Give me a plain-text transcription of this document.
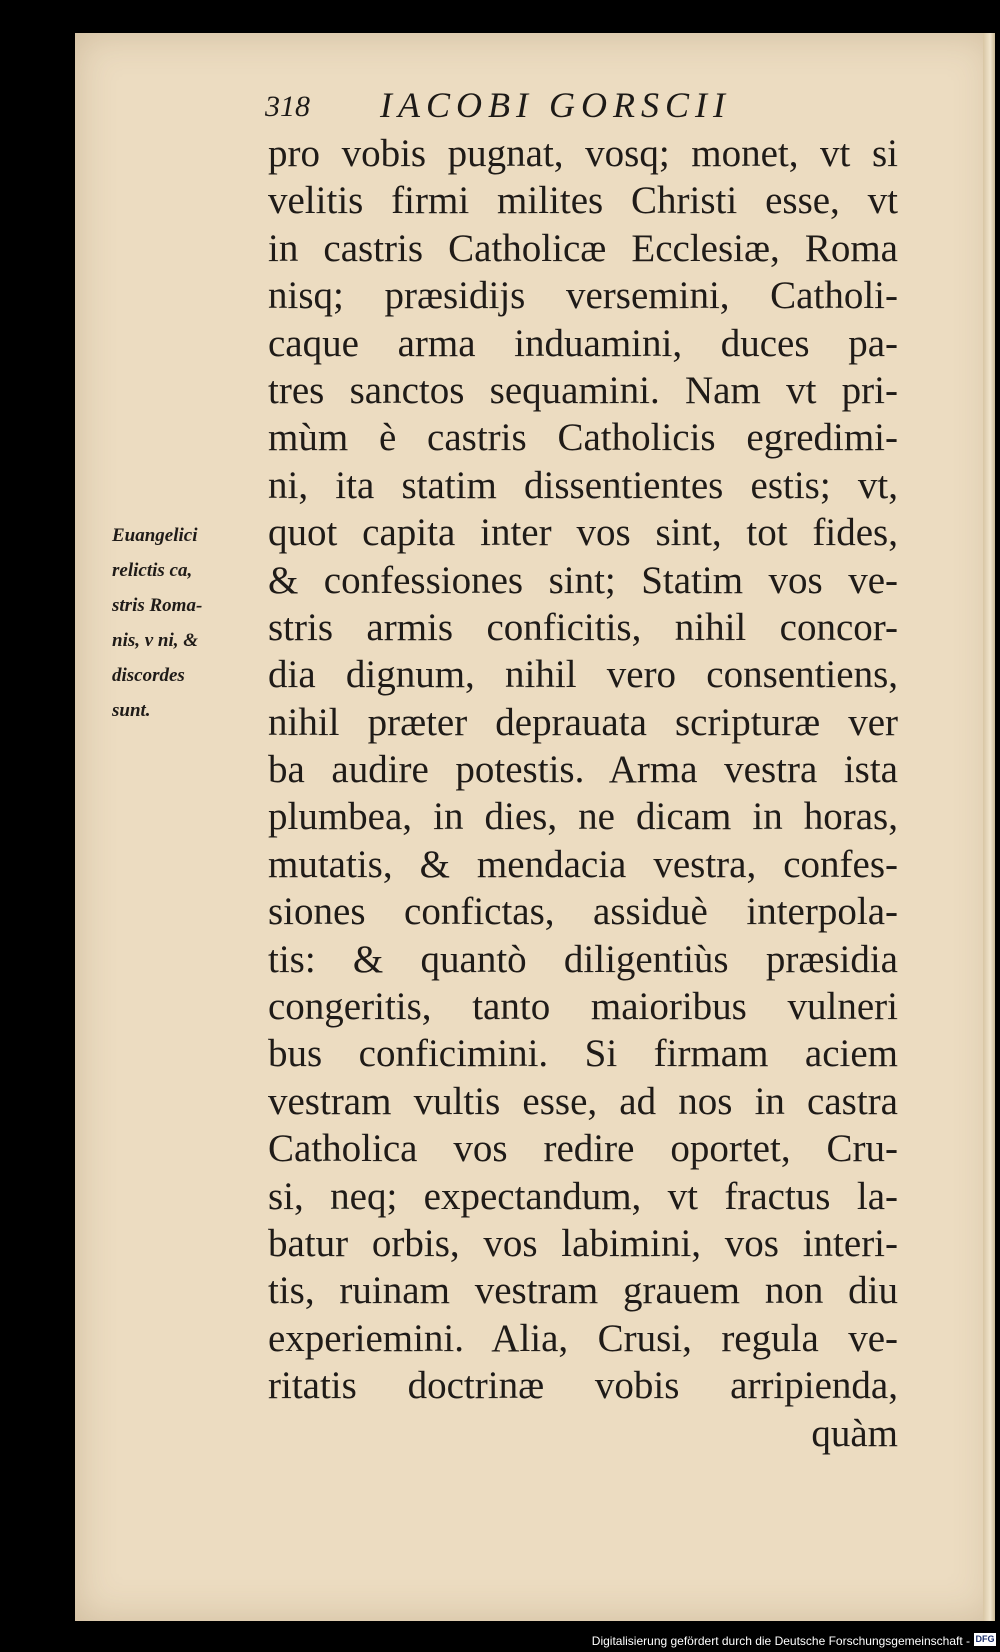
318 IACOBI GORSCII
Euangelici
relictis ca,
stris Roma-
nis, v ni, &
discordes
sunt.
pro vobis pugnat, vosq; monet, vt si
velitis firmi milites Christi esse, vt
in castris Catholicæ Ecclesiæ, Roma
nisq; præsidijs versemini, Catholi-
caque arma induamini, duces pa-
tres sanctos sequamini. Nam vt pri-
mùm è castris Catholicis egredimi-
ni, ita statim dissentientes estis; vt,
quot capita inter vos sint, tot fides,
& confessiones sint; Statim vos ve-
stris armis conficitis, nihil concor-
dia dignum, nihil vero consentiens,
nihil præter deprauata scripturæ ver
ba audire potestis. Arma vestra ista
plumbea, in dies, ne dicam in horas,
mutatis, & mendacia vestra, confes-
siones confictas, assiduè interpola-
tis: & quantò diligentiùs præsidia
congeritis, tanto maioribus vulneri
bus conficimini. Si firmam aciem
vestram vultis esse, ad nos in castra
Catholica vos redire oportet, Cru-
si, neq; expectandum, vt fractus la-
batur orbis, vos labimini, vos interi-
tis, ruinam vestram grauem non diu
experiemini. Alia, Crusi, regula ve-
ritatis doctrinæ vobis arripienda,
quàm
Digitalisierung gefördert durch die Deutsche Forschungsgemeinschaft - DFG
